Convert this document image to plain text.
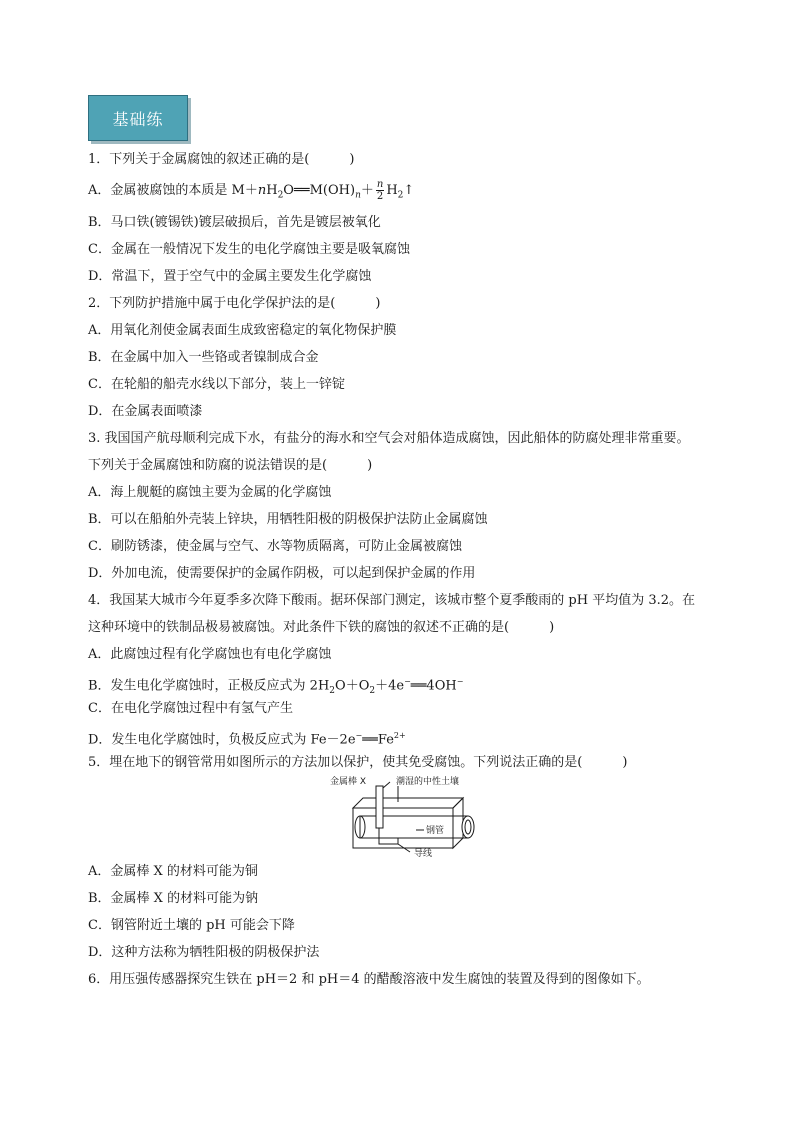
基础练
1．下列关于金属腐蚀的叙述正确的是(	)
A．金属被腐蚀的本质是 $M+nH_2O══M(OH)_n+ \frac{n}{2}$ $H_2↑$
B．马口铁(镀锡铁)镀层破损后，首先是镀层被氧化
C．金属在一般情况下发生的电化学腐蚀主要是吸氧腐蚀
D．常温下，置于空气中的金属主要发生化学腐蚀
2．下列防护措施中属于电化学保护法的是(	)
A．用氧化剂使金属表面生成致密稳定的氧化物保护膜
B．在金属中加入一些铬或者镍制成合金
C．在轮船的船壳水线以下部分，装上一锌锭
D．在金属表面喷漆
3. 我国国产航母顺利完成下水，有盐分的海水和空气会对船体造成腐蚀，因此船体的防腐处理非常重要。
下列关于金属腐蚀和防腐的说法错误的是(	)
A．海上舰艇的腐蚀主要为金属的化学腐蚀
B．可以在船舶外壳装上锌块，用牺牲阳极的阴极保护法防止金属腐蚀
C．刷防锈漆，使金属与空气、水等物质隔离，可防止金属被腐蚀
D．外加电流，使需要保护的金属作阴极，可以起到保护金属的作用
4．我国某大城市今年夏季多次降下酸雨。据环保部门测定，该城市整个夏季酸雨的 pH 平均值为 3.2。在
这种环境中的铁制品极易被腐蚀。对此条件下铁的腐蚀的叙述不正确的是(	)
A．此腐蚀过程有化学腐蚀也有电化学腐蚀
B．发生电化学腐蚀时，正极反应式为 $2H_2O+O_2+4e^-══4OH^-$
C．在电化学腐蚀过程中有氢气产生
D．发生电化学腐蚀时，负极反应式为 $Fe-2e^-══Fe^{2+}$
5．埋在地下的钢管常用如图所示的方法加以保护，使其免受腐蚀。下列说法正确的是(	)
金属棒 X	潮湿的中性土壤
钢管
导线
A．金属棒 X 的材料可能为铜
B．金属棒 X 的材料可能为钠
C．钢管附近土壤的 pH 可能会下降
D．这种方法称为牺牲阳极的阴极保护法
6．用压强传感器探究生铁在 pH＝2 和 pH＝4 的醋酸溶液中发生腐蚀的装置及得到的图像如下。
